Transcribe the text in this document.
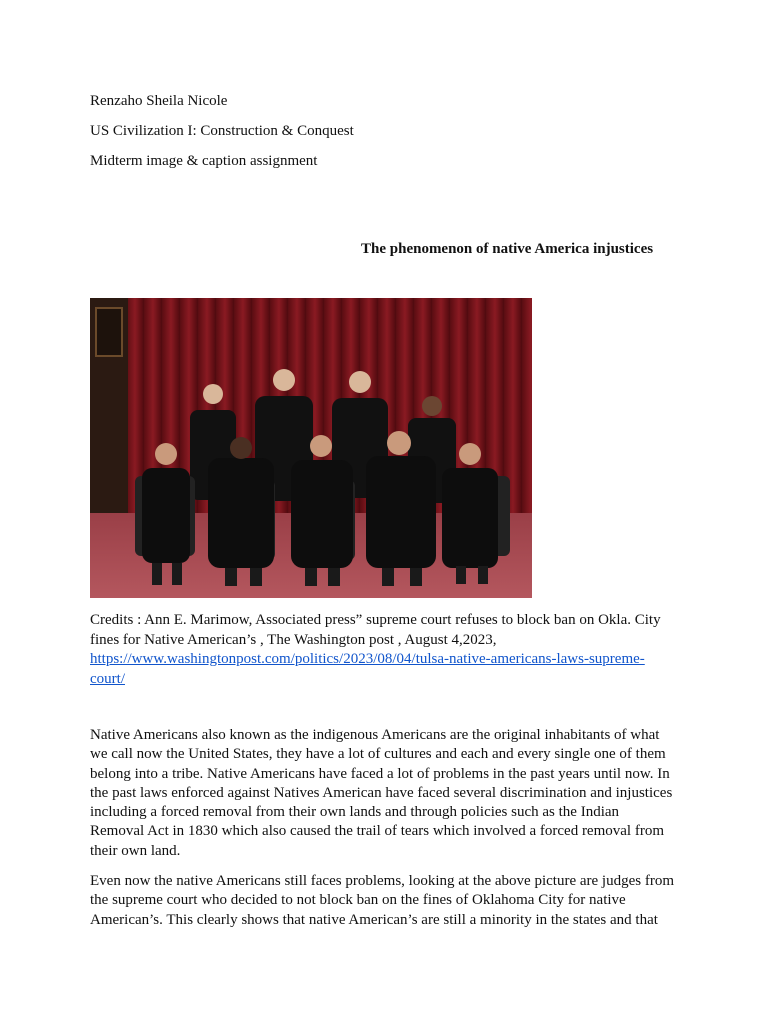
Renzaho Sheila Nicole
US Civilization I: Construction & Conquest
Midterm image & caption assignment
The phenomenon of native America injustices
Credits : Ann E. Marimow, Associated press” supreme court refuses to block ban on Okla. City
fines for Native American’s , The Washington post , August 4,2023,
https://www.washingtonpost.com/politics/2023/08/04/tulsa-native-americans-laws-supreme-
court/

Native Americans also known as the indigenous Americans are the original inhabitants of what
we call now the United States, they have a lot of cultures and each and every single one of them
belong into a tribe. Native Americans have faced a lot of problems in the past years until now. In
the past laws enforced against Natives American have faced several discrimination and injustices
including a forced removal from their own lands and through policies such as the Indian
Removal Act in 1830 which also caused the trail of tears which involved a forced removal from
their own land.

Even now the native Americans still faces problems, looking at the above picture are judges from
the supreme court who decided to not block ban on the fines of Oklahoma City for native
American’s. This clearly shows that native American’s are still a minority in the states and that
